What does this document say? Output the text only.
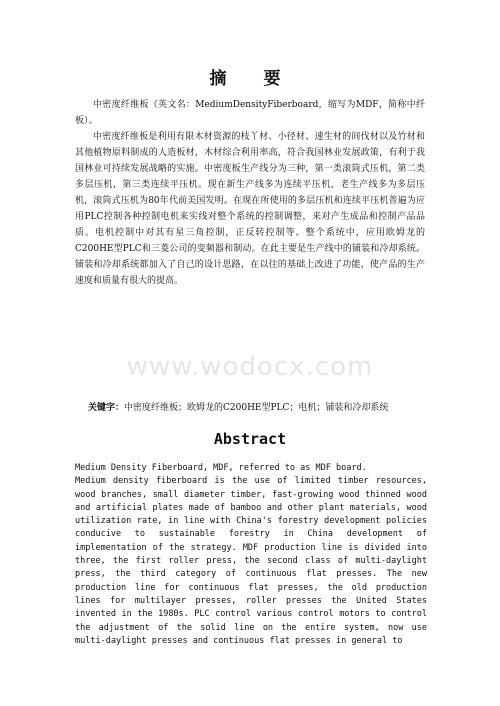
www.wodocx.com
摘　要

中密度纤维板（英文名：MediumDensityFiberboard，缩写为MDF，简称中纤板）。

中密度纤维板是利用有限木材资源的枝丫材、小径材、速生材的间伐材以及竹材和其他植物原料制成的人造板材，木材综合利用率高，符合我国林业发展政策，有利于我国林业可持续发展战略的实施。中密度板生产线分为三种，第一类滚筒式压机，第二类多层压机，第三类连续平压机。现在新生产线多为连续平压机，老生产线多为多层压机，滚筒式压机为80年代前美国发明。在现在所使用的多层压机和连续平压机普遍为应用PLC控制各种控制电机来实线对整个系统的控制调整，来对产生成品和控制产品品质。电机控制中对其有星三角控制，正反转控制等。整个系统中，应用欧姆龙的C200HE型PLC和三菱公司的变频器和制动。在此主要是生产线中的铺装和冷却系统。铺装和冷却系统都加入了自己的设计思路，在以往的基础上改进了功能，使产品的生产速度和质量有很大的提高。

关键字：中密度纤维板；欧姆龙的C200HE型PLC；电机；铺装和冷却系统
Abstract

Medium Density Fiberboard, MDF, referred to as MDF board.

Medium density fiberboard is the use of limited timber resources, wood branches, small diameter timber, fast-growing wood thinned wood and artificial plates made of bamboo and other plant materials, wood utilization rate, in line with China's forestry development policies conducive to sustainable forestry in China development of implementation of the strategy. MDF production line is divided into three, the first roller press, the second class of multi-daylight press, the third category of continuous flat presses. The new production line for continuous flat presses, the old production lines for multilayer presses, roller presses the United States invented in the 1980s. PLC control various control motors to control the adjustment of the solid line on the entire system, now use multi-daylight presses and continuous flat presses in general to
